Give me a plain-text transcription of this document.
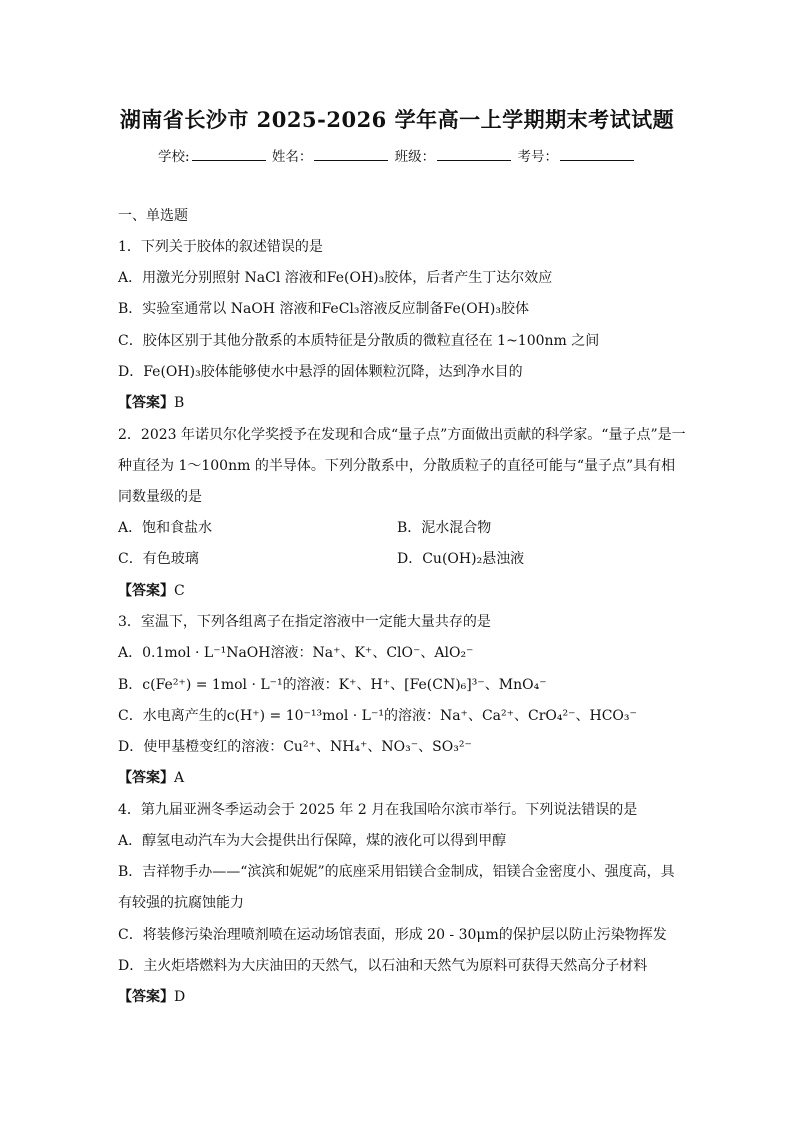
湖南省长沙市 2025-2026 学年高一上学期期末考试试题
学校:	姓名：	班级：	考号：
一、单选题
1．下列关于胶体的叙述错误的是
A．用激光分别照射 NaCl 溶液和Fe(OH)₃胶体，后者产生丁达尔效应
B．实验室通常以 NaOH 溶液和FeCl₃溶液反应制备Fe(OH)₃胶体
C．胶体区别于其他分散系的本质特征是分散质的微粒直径在 1~100nm 之间
D．Fe(OH)₃胶体能够使水中悬浮的固体颗粒沉降，达到净水目的
【答案】B
2．2023 年诺贝尔化学奖授予在发现和合成“量子点”方面做出贡献的科学家。“量子点”是一
种直径为 1～100nm 的半导体。下列分散系中，分散质粒子的直径可能与“量子点”具有相
同数量级的是
A．饱和食盐水	B．泥水混合物
C．有色玻璃	D．Cu(OH)₂悬浊液
【答案】C
3．室温下，下列各组离子在指定溶液中一定能大量共存的是
A．0.1mol · L⁻¹NaOH溶液：Na⁺、K⁺、ClO⁻、AlO₂⁻
B．c(Fe²⁺) = 1mol · L⁻¹的溶液：K⁺、H⁺、[Fe(CN)₆]³⁻、MnO₄⁻
C．水电离产生的c(H⁺) = 10⁻¹³mol · L⁻¹的溶液：Na⁺、Ca²⁺、CrO₄²⁻、HCO₃⁻
D．使甲基橙变红的溶液：Cu²⁺、NH₄⁺、NO₃⁻、SO₃²⁻
【答案】A
4．第九届亚洲冬季运动会于 2025 年 2 月在我国哈尔滨市举行。下列说法错误的是
A．醇氢电动汽车为大会提供出行保障，煤的液化可以得到甲醇
B．吉祥物手办——“滨滨和妮妮”的底座采用铝镁合金制成，铝镁合金密度小、强度高，具
有较强的抗腐蚀能力
C．将装修污染治理喷剂喷在运动场馆表面，形成 20 - 30μm的保护层以防止污染物挥发
D．主火炬塔燃料为大庆油田的天然气，以石油和天然气为原料可获得天然高分子材料
【答案】D
